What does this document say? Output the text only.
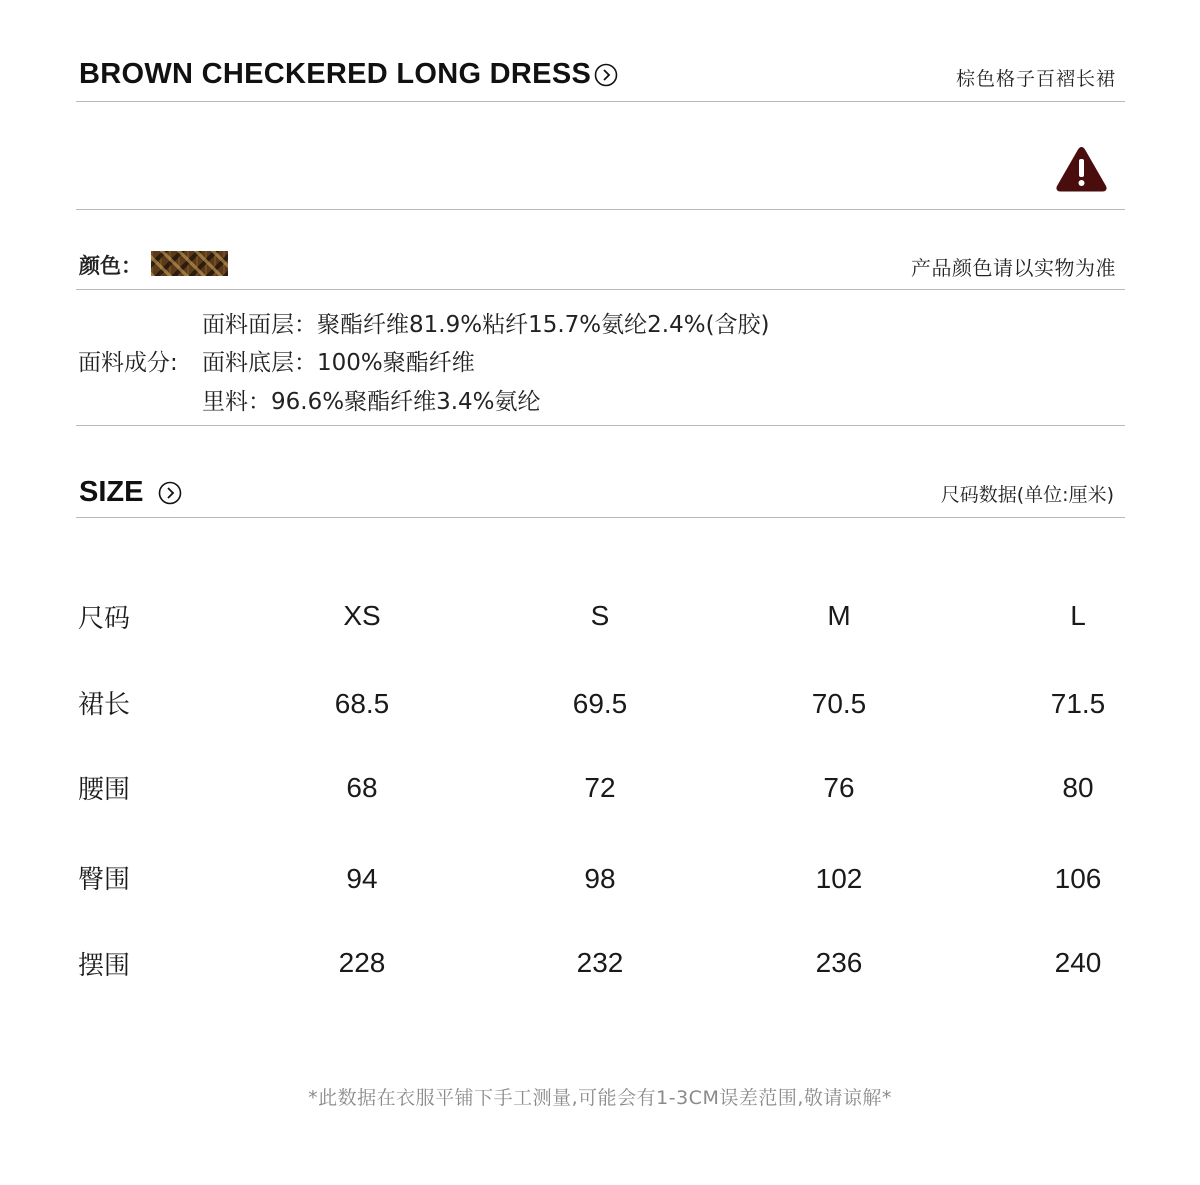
BROWN CHECKERED LONG DRESS	棕色格子百褶长裙
颜色：	产品颜色请以实物为准
面料成分:
面料面层：聚酯纤维81.9%粘纤15.7%氨纶2.4%(含胶)
面料底层：100%聚酯纤维
里料：96.6%聚酯纤维3.4%氨纶
SIZE	尺码数据(单位:厘米)
尺码	XS	S	M	L
裙长	68.5	69.5	70.5	71.5
腰围	68	72	76	80
臀围	94	98	102	106
摆围	228	232	236	240
*此数据在衣服平铺下手工测量,可能会有1-3CM误差范围,敬请谅解*
